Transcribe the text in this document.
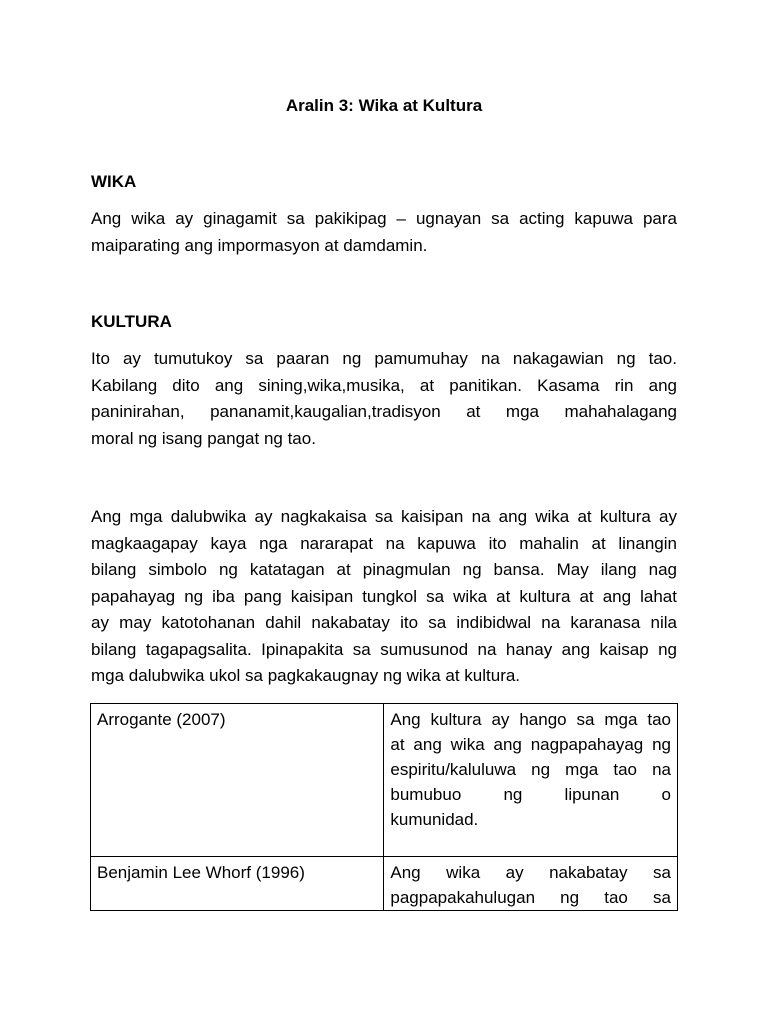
Aralin 3: Wika at Kultura
WIKA

Ang wika ay ginagamit sa pakikipag – ugnayan sa acting kapuwa para
maiparating ang impormasyon at damdamin.

KULTURA

Ito ay tumutukoy sa paaran ng pamumuhay na nakagawian ng tao.
Kabilang dito ang sining,wika,musika, at panitikan. Kasama rin ang
paninirahan, pananamit,kaugalian,tradisyon at mga mahahalagang
moral ng isang pangat ng tao.

Ang mga dalubwika ay nagkakaisa sa kaisipan na ang wika at kultura ay
magkaagapay kaya nga nararapat na kapuwa ito mahalin at linangin
bilang simbolo ng katatagan at pinagmulan ng bansa. May ilang nag
papahayag ng iba pang kaisipan tungkol sa wika at kultura at ang lahat
ay may katotohanan dahil nakabatay ito sa indibidwal na karanasa nila
bilang tagapagsalita. Ipinapakita sa sumusunod na hanay ang kaisap ng
mga dalubwika ukol sa pagkakaugnay ng wika at kultura.

Arrogante (2007)	Ang kultura ay hango sa mga tao
at ang wika ang nagpapahayag ng
espiritu/kaluluwa ng mga tao na
bumubuo ng lipunan o
kumunidad.

Benjamin Lee Whorf (1996)	Ang wika ay nakabatay sa
pagpapakahulugan ng tao sa
